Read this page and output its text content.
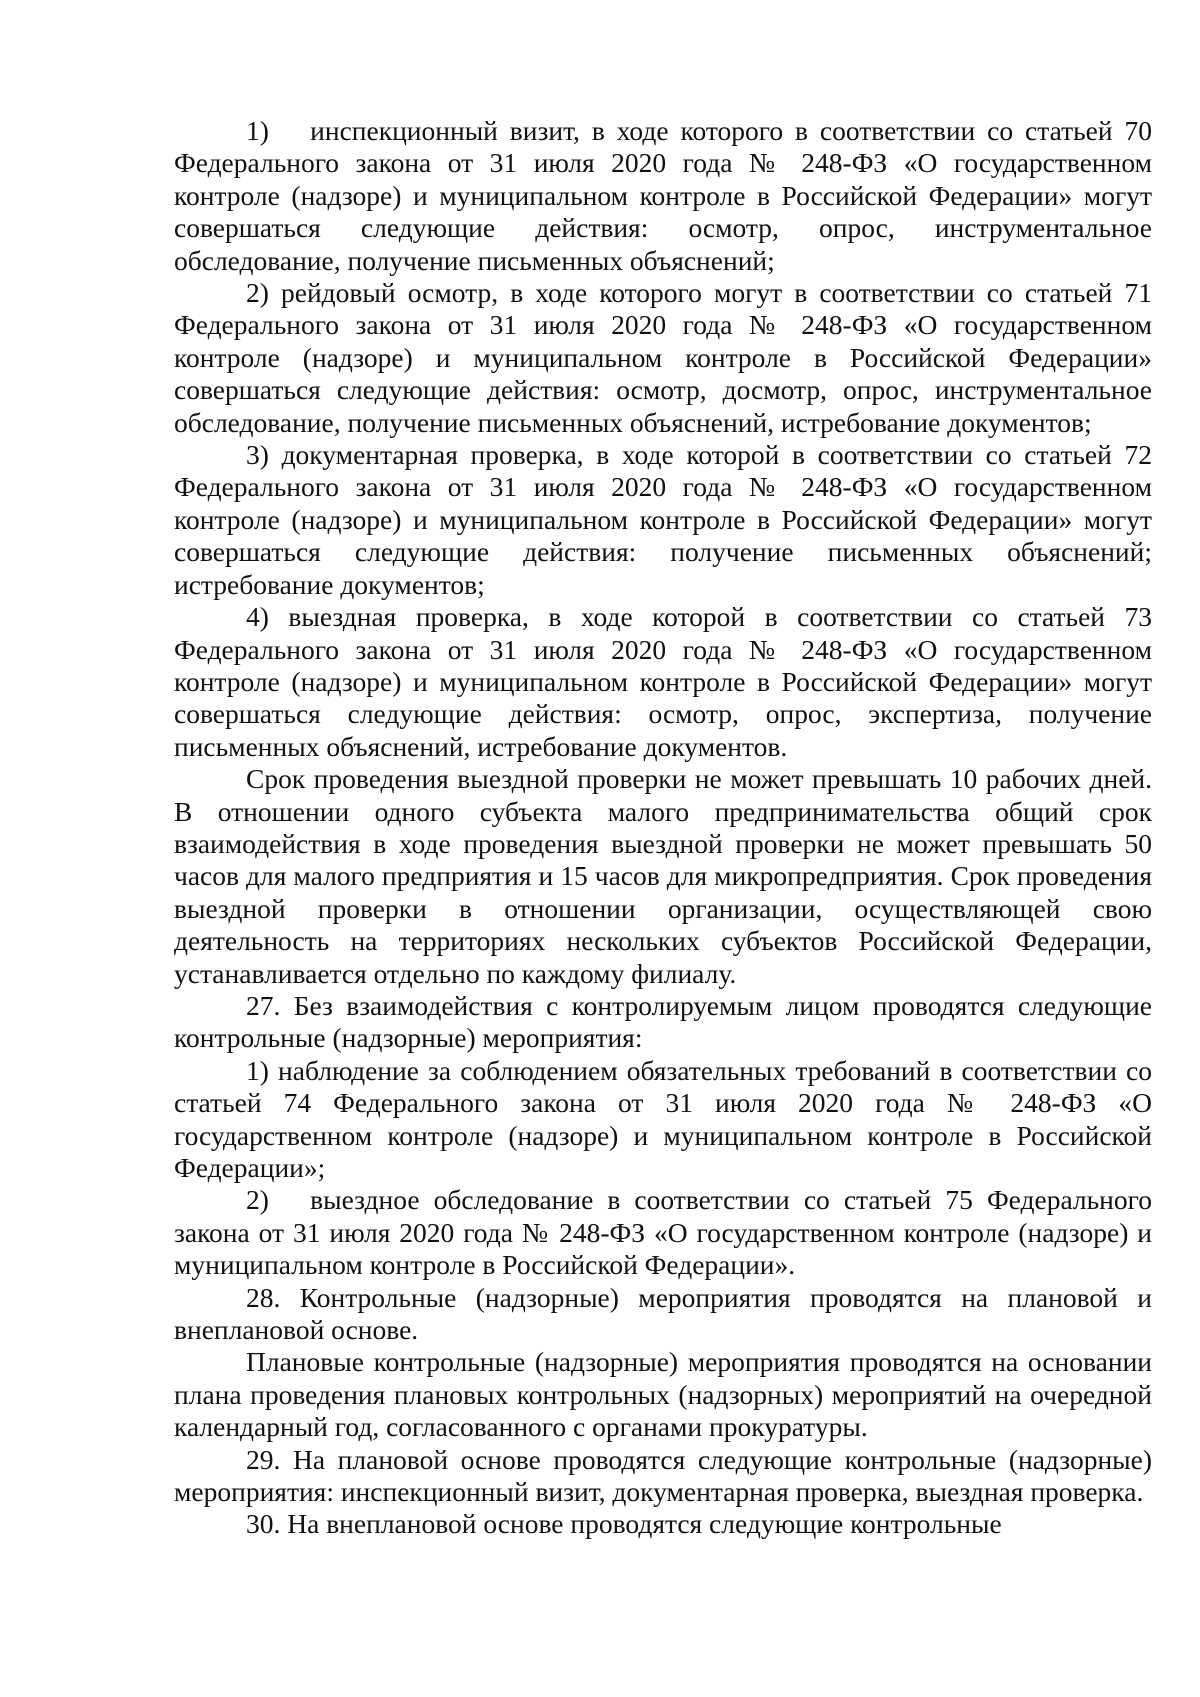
1)  инспекционный визит, в ходе которого в соответствии со статьей 70 Федерального закона от 31 июля 2020 года № 248-ФЗ «О государственном контроле (надзоре) и муниципальном контроле в Российской Федерации» могут совершаться следующие действия: осмотр, опрос, инструментальное обследование, получение письменных объяснений;

2) рейдовый осмотр, в ходе которого могут в соответствии со статьей 71 Федерального закона от 31 июля 2020 года № 248-ФЗ «О государственном контроле (надзоре) и муниципальном контроле в Российской Федерации» совершаться следующие действия: осмотр, досмотр, опрос, инструментальное обследование, получение письменных объяснений, истребование документов;

3) документарная проверка, в ходе которой в соответствии со статьей 72 Федерального закона от 31 июля 2020 года № 248-ФЗ «О государственном контроле (надзоре) и муниципальном контроле в Российской Федерации» могут совершаться следующие действия: получение письменных объяснений; истребование документов;

4) выездная проверка, в ходе которой в соответствии со статьей 73 Федерального закона от 31 июля 2020 года № 248-ФЗ «О государственном контроле (надзоре) и муниципальном контроле в Российской Федерации» могут совершаться следующие действия: осмотр, опрос, экспертиза, получение письменных объяснений, истребование документов.

Срок проведения выездной проверки не может превышать 10 рабочих дней. В отношении одного субъекта малого предпринимательства общий срок взаимодействия в ходе проведения выездной проверки не может превышать 50 часов для малого предприятия и 15 часов для микропредприятия. Срок проведения выездной проверки в отношении организации, осуществляющей свою деятельность на территориях нескольких субъектов Российской Федерации, устанавливается отдельно по каждому филиалу.

27. Без взаимодействия с контролируемым лицом проводятся следующие контрольные (надзорные) мероприятия:

1) наблюдение за соблюдением обязательных требований в соответствии со статьей 74 Федерального закона от 31 июля 2020 года № 248-ФЗ «О государственном контроле (надзоре) и муниципальном контроле в Российской Федерации»;

2)  выездное обследование в соответствии со статьей 75 Федерального закона от 31 июля 2020 года № 248-ФЗ «О государственном контроле (надзоре) и муниципальном контроле в Российской Федерации».

28. Контрольные (надзорные) мероприятия проводятся на плановой и внеплановой основе.

Плановые контрольные (надзорные) мероприятия проводятся на основании плана проведения плановых контрольных (надзорных) мероприятий на очередной календарный год, согласованного с органами прокуратуры.

29. На плановой основе проводятся следующие контрольные (надзорные) мероприятия: инспекционный визит, документарная проверка, выездная проверка.

30. На внеплановой основе проводятся следующие контрольные
